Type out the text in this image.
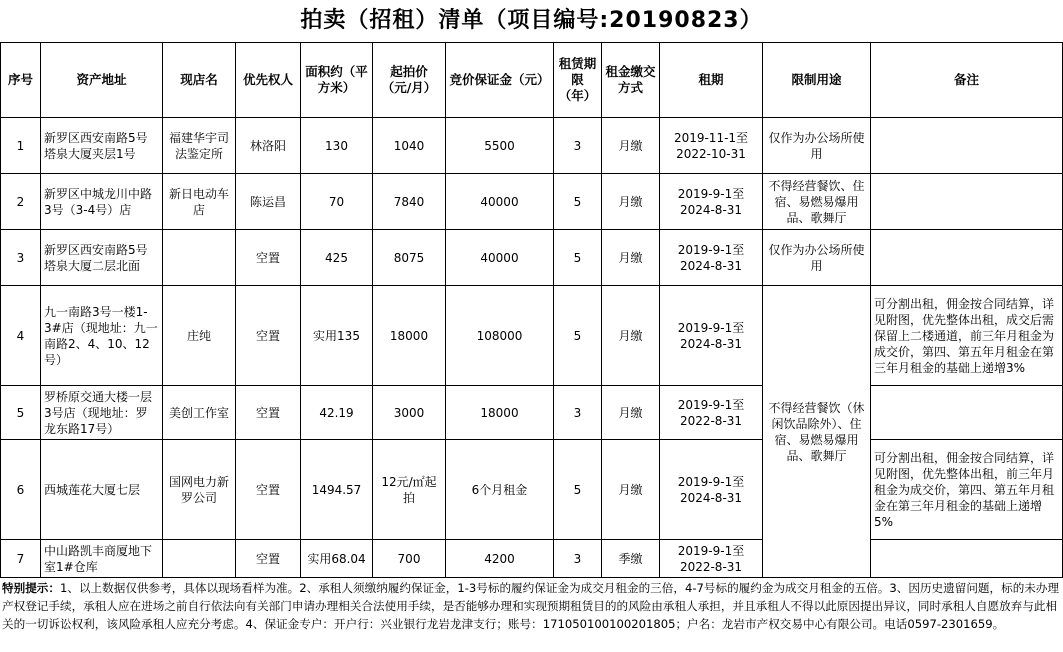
拍卖（招租）清单（项目编号:20190823）
序号	资产地址	现店名	优先权人	面积约（平方米）	起拍价（元/月）	竞价保证金（元）	租赁期限（年）	租金缴交方式	租期	限制用途	备注
1	新罗区西安南路5号塔泉大厦夹层1号	福建华宇司法鉴定所	林洛阳	130	1040	5500	3	月缴	2019-11-1至2022-10-31	仅作为办公场所使用	
2	新罗区中城龙川中路3号（3-4号）店	新日电动车店	陈运昌	70	7840	40000	5	月缴	2019-9-1至2024-8-31	不得经营餐饮、住宿、易燃易爆用品、歌舞厅	
3	新罗区西安南路5号塔泉大厦二层北面		空置	425	8075	40000	5	月缴	2019-9-1至2024-8-31	仅作为办公场所使用	
4	九一南路3号一楼1-3#店（现地址：九一南路2、4、10、12号）	庄纯	空置	实用135	18000	108000	5	月缴	2019-9-1至2024-8-31	不得经营餐饮（休闲饮品除外）、住宿、易燃易爆用品、歌舞厅	可分割出租，佣金按合同结算，详见附图，优先整体出租，成交后需保留上二楼通道，前三年月租金为成交价，第四、第五年月租金在第三年月租金的基础上递增3%
5	罗桥原交通大楼一层3号店（现地址：罗龙东路17号）	美创工作室	空置	42.19	3000	18000	3	月缴	2019-9-1至2022-8-31		
6	西城莲花大厦七层	国网电力新罗公司	空置	1494.57	12元/㎡起拍	6个月租金	5	月缴	2019-9-1至2024-8-31		可分割出租，佣金按合同结算，详见附图，优先整体出租，前三年月租金为成交价，第四、第五年月租金在第三年月租金的基础上递增5%
7	中山路凯丰商厦地下室1#仓库		空置	实用68.04	700	4200	3	季缴	2019-9-1至2022-8-31		
特别提示：1、以上数据仅供参考，具体以现场看样为准。2、承租人须缴纳履约保证金，1-3号标的履约保证金为成交月租金的三倍，4-7号标的履约金为成交月租金的五倍。3、因历史遗留问题，标的未办理产权登记手续，承租人应在进场之前自行依法向有关部门申请办理相关合法使用手续，是否能够办理和实现预期租赁目的的风险由承租人承担，并且承租人不得以此原因提出异议，同时承租人自愿放弃与此相关的一切诉讼权利，该风险承租人应充分考虑。4、保证金专户：开户行：兴业银行龙岩龙津支行；账号：171050100100201805；户名：龙岩市产权交易中心有限公司。电话0597-2301659。
